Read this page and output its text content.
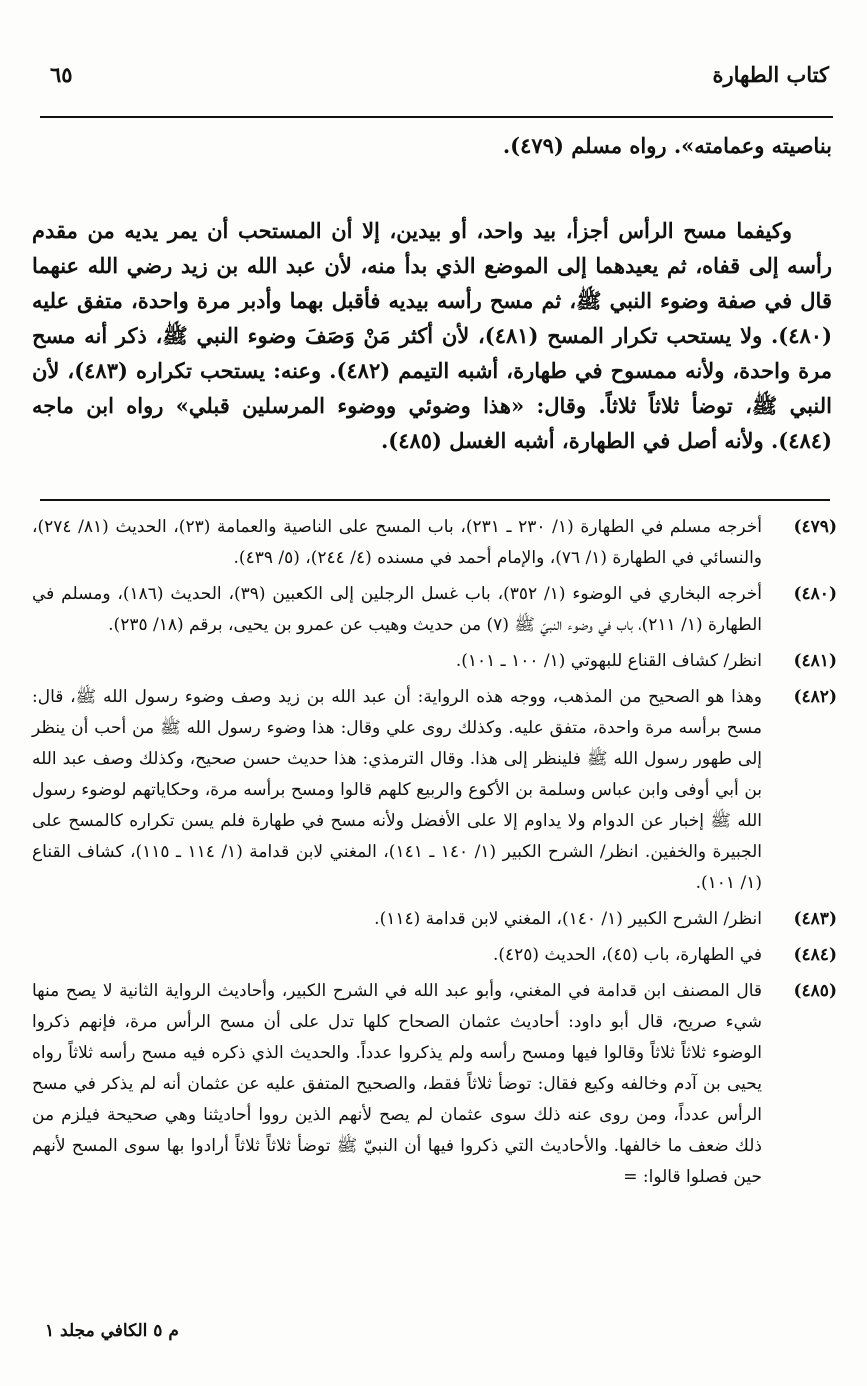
كتاب الطهارة
٦٥
بناصيته وعمامته». رواه مسلم (٤٧٩).
وكيفما مسح الرأس أجزأ، بيد واحد، أو بيدين، إلا أن المستحب أن يمر يديه من مقدم رأسه إلى قفاه، ثم يعيدهما إلى الموضع الذي بدأ منه، لأن عبد الله بن زيد رضي الله عنهما قال في صفة وضوء النبي ﷺ، ثم مسح رأسه بيديه فأقبل بهما وأدبر مرة واحدة، متفق عليه (٤٨٠). ولا يستحب تكرار المسح (٤٨١)، لأن أكثر مَنْ وَصَفَ وضوء النبي ﷺ، ذكر أنه مسح مرة واحدة، ولأنه ممسوح في طهارة، أشبه التيمم (٤٨٢). وعنه: يستحب تكراره (٤٨٣)، لأن النبي ﷺ، توضأ ثلاثاً ثلاثاً. وقال: «هذا وضوئي ووضوء المرسلين قبلي» رواه ابن ماجه (٤٨٤). ولأنه أصل في الطهارة، أشبه الغسل (٤٨٥).
(٤٧٩)
أخرجه مسلم في الطهارة (١/ ٢٣٠ ـ ٢٣١)، باب المسح على الناصية والعمامة (٢٣)، الحديث (٨١/ ٢٧٤)، والنسائي في الطهارة (١/ ٧٦)، والإمام أحمد في مسنده (٤/ ٢٤٤)، (٥/ ٤٣٩).
(٤٨٠)
أخرجه البخاري في الوضوء (١/ ٣٥٢)، باب غسل الرجلين إلى الكعبين (٣٩)، الحديث (١٨٦)، ومسلم في الطهارة (١/ ٢١١)، باب في وضوء النبيّ ﷺ (٧) من حديث وهيب عن عمرو بن يحيى، برقم (١٨/ ٢٣٥).
(٤٨١)
انظر/ كشاف القناع للبهوتي (١/ ١٠٠ ـ ١٠١).
(٤٨٢)
وهذا هو الصحيح من المذهب، ووجه هذه الرواية: أن عبد الله بن زيد وصف وضوء رسول الله ﷺ، قال: مسح برأسه مرة واحدة، متفق عليه. وكذلك روى علي وقال: هذا وضوء رسول الله ﷺ من أحب أن ينظر إلى طهور رسول الله ﷺ فلينظر إلى هذا. وقال الترمذي: هذا حديث حسن صحيح، وكذلك وصف عبد الله بن أبي أوفى وابن عباس وسلمة بن الأكوع والربيع كلهم قالوا ومسح برأسه مرة، وحكاياتهم لوضوء رسول الله ﷺ إخبار عن الدوام ولا يداوم إلا على الأفضل ولأنه مسح في طهارة فلم يسن تكراره كالمسح على الجبيرة والخفين. انظر/ الشرح الكبير (١/ ١٤٠ ـ ١٤١)، المغني لابن قدامة (١/ ١١٤ ـ ١١٥)، كشاف القناع (١/ ١٠١).
(٤٨٣)
انظر/ الشرح الكبير (١/ ١٤٠)، المغني لابن قدامة (١١٤).
(٤٨٤)
في الطهارة، باب (٤٥)، الحديث (٤٢٥).
(٤٨٥)
قال المصنف ابن قدامة في المغني، وأبو عبد الله في الشرح الكبير، وأحاديث الرواية الثانية لا يصح منها شيء صريح، قال أبو داود: أحاديث عثمان الصحاح كلها تدل على أن مسح الرأس مرة، فإنهم ذكروا الوضوء ثلاثاً ثلاثاً وقالوا فيها ومسح رأسه ولم يذكروا عدداً. والحديث الذي ذكره فيه مسح رأسه ثلاثاً رواه يحيى بن آدم وخالفه وكيع فقال: توضأ ثلاثاً فقط، والصحيح المتفق عليه عن عثمان أنه لم يذكر في مسح الرأس عدداً، ومن روى عنه ذلك سوى عثمان لم يصح لأنهم الذين رووا أحاديثنا وهي صحيحة فيلزم من ذلك ضعف ما خالفها. والأحاديث التي ذكروا فيها أن النبيّ ﷺ توضأ ثلاثاً ثلاثاً أرادوا بها سوى المسح لأنهم حين فصلوا قالوا: =
م ٥ الكافي مجلد ١
